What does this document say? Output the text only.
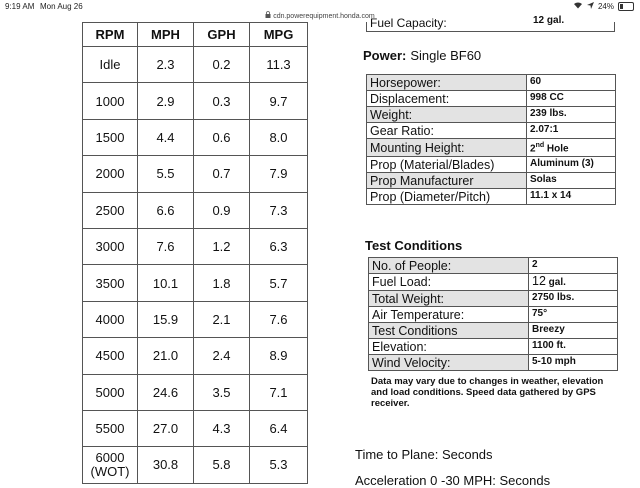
9:19 AM Mon Aug 26	24%
cdn.powerequipment.honda.com
RPM	MPH	GPH	MPG
Idle	2.3	0.2	11.3
1000	2.9	0.3	9.7
1500	4.4	0.6	8.0
2000	5.5	0.7	7.9
2500	6.6	0.9	7.3
3000	7.6	1.2	6.3
3500	10.1	1.8	5.7
4000	15.9	2.1	7.6
4500	21.0	2.4	8.9
5000	24.6	3.5	7.1
5500	27.0	4.3	6.4
6000
(WOT)	30.8	5.8	5.3
Fuel Capacity:	12 gal.
Power: Single BF60
Horsepower:	60
Displacement:	998 CC
Weight:	239 lbs.
Gear Ratio:	2.07:1
Mounting Height:	2nd Hole
Prop (Material/Blades)	Aluminum (3)
Prop Manufacturer	Solas
Prop (Diameter/Pitch)	11.1 x 14
Test Conditions
No. of People:	2
Fuel Load:	12 gal.
Total Weight:	2750 lbs.
Air Temperature:	75°
Test Conditions	Breezy
Elevation:	1100 ft.
Wind Velocity:	5-10 mph
Data may vary due to changes in weather, elevation and load conditions. Speed data gathered by GPS receiver.
Time to Plane: Seconds
Acceleration 0 -30 MPH: Seconds
